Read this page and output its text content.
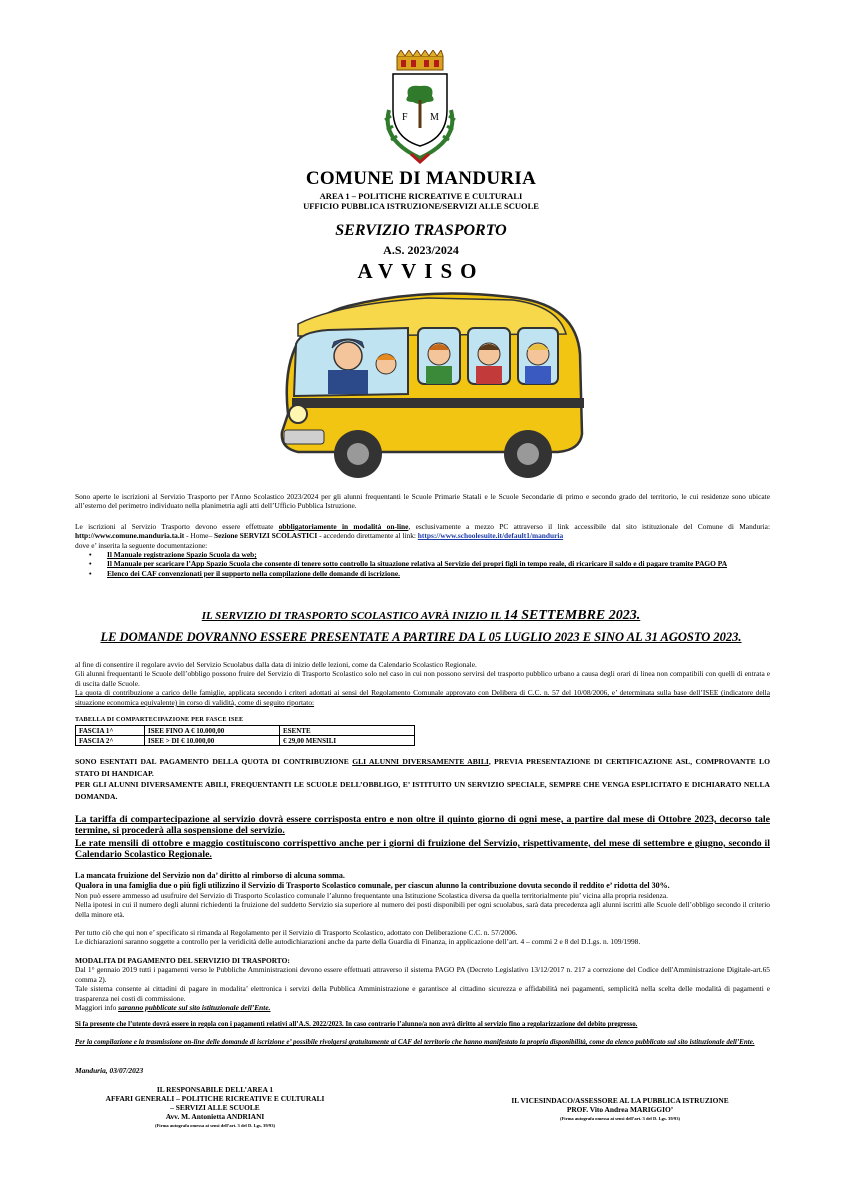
F M
COMUNE DI MANDURIA
AREA 1 – POLITICHE RICREATIVE E CULTURALI
UFFICIO PUBBLICA ISTRUZIONE/SERVIZI ALLE SCUOLE
SERVIZIO TRASPORTO
A.S. 2023/2024
AVVISO
Sono aperte le iscrizioni al Servizio Trasporto per l'Anno Scolastico 2023/2024 per gli alunni frequentanti le Scuole Primarie Statali e le Scuole Secondarie di primo e secondo grado del territorio, le cui residenze sono ubicate all’esterno del perimetro individuato nella planimetria agli atti dell’Ufficio Pubblica Istruzione.
Le iscrizioni al Servizio Trasporto devono essere effettuate obbligatoriamente in modalità on-line, esclusivamente a mezzo PC attraverso il link accessibile dal sito istituzionale del Comune di Manduria: http://www.comune.manduria.ta.it - Home– Sezione SERVIZI SCOLASTICI - accedendo direttamente al link: https://www.schoolesuite.it/default1/manduria
dove e’ inserita la seguente documentazione:
• Il Manuale registrazione Spazio Scuola da web;
• Il Manuale per scaricare l’App Spazio Scuola che consente di tenere sotto controllo la situazione relativa al Servizio dei propri figli in tempo reale, di ricaricare il saldo e di pagare tramite PAGO PA
• Elenco dei CAF convenzionati per il supporto nella compilazione delle domande di iscrizione.
IL SERVIZIO DI TRASPORTO SCOLASTICO AVRÀ INIZIO IL 14 SETTEMBRE 2023.
LE DOMANDE DOVRANNO ESSERE PRESENTATE A PARTIRE DA L 05 LUGLIO 2023 E SINO AL 31 AGOSTO 2023.
al fine di consentire il regolare avvio del Servizio Scuolabus dalla data di inizio delle lezioni, come da Calendario Scolastico Regionale.
Gli alunni frequentanti le Scuole dell’obbligo possono fruire del Servizio di Trasporto Scolastico solo nel caso in cui non possono servirsi del trasporto pubblico urbano a causa degli orari di linea non compatibili con quelli di entrata e di uscita dalle Scuole.
La quota di contribuzione a carico delle famiglie, applicata secondo i criteri adottati ai sensi del Regolamento Comunale approvato con Delibera di C.C. n. 57 del 10/08/2006, e’ determinata sulla base dell’ISEE (indicatore della situazione economica equivalente) in corso di validità, come di seguito riportato:
TABELLA DI COMPARTECIPAZIONE PER FASCE ISEE
FASCIA 1^	ISEE FINO A € 10.000,00	ESENTE
FASCIA 2^	ISEE > DI € 10.000,00	€ 29,00 MENSILI
SONO ESENTATI DAL PAGAMENTO DELLA QUOTA DI CONTRIBUZIONE GLI ALUNNI DIVERSAMENTE ABILI, PREVIA PRESENTAZIONE DI CERTIFICAZIONE ASL, COMPROVANTE LO STATO DI HANDICAP.
PER GLI ALUNNI DIVERSAMENTE ABILI, FREQUENTANTI LE SCUOLE DELL’OBBLIGO, E’ ISTITUITO UN SERVIZIO SPECIALE, SEMPRE CHE VENGA ESPLICITATO E DICHIARATO NELLA DOMANDA.
La tariffa di compartecipazione al servizio dovrà essere corrisposta entro e non oltre il quinto giorno di ogni mese, a partire dal mese di Ottobre 2023, decorso tale termine, si procederà alla sospensione del servizio.
Le rate mensili di ottobre e maggio costituiscono corrispettivo anche per i giorni di fruizione del Servizio, rispettivamente, del mese di settembre e giugno, secondo il Calendario Scolastico Regionale.
La mancata fruizione del Servizio non da’ diritto al rimborso di alcuna somma.
Qualora in una famiglia due o più figli utilizzino il Servizio di Trasporto Scolastico comunale, per ciascun alunno la contribuzione dovuta secondo il reddito e’ ridotta del 30%.
Non può essere ammesso ad usufruire del Servizio di Trasporto Scolastico comunale l’alunno frequentante una Istituzione Scolastica diversa da quella territorialmente piu’ vicina alla propria residenza.
Nella ipotesi in cui il numero degli alunni richiedenti la fruizione del suddetto Servizio sia superiore al numero dei posti disponibili per ogni scuolabus, sarà data precedenza agli alunni iscritti alle Scuole dell’obbligo secondo il criterio della minore età.
Per tutto ciò che qui non e’ specificato si rimanda al Regolamento per il Servizio di Trasporto Scolastico, adottato con Deliberazione C.C. n. 57/2006.
Le dichiarazioni saranno soggette a controllo per la veridicità delle autodichiarazioni anche da parte della Guardia di Finanza, in applicazione dell’art. 4 – commi 2 e 8 del D.Lgs. n. 109/1998.
MODALITA DI PAGAMENTO DEL SERVIZIO DI TRASPORTO:
Dal 1° gennaio 2019 tutti i pagamenti verso le Pubbliche Amministrazioni devono essere effettuati attraverso il sistema PAGO PA (Decreto Legislativo 13/12/2017 n. 217 a correzione del Codice dell'Amministrazione Digitale-art.65 comma 2).
Tale sistema consente ai cittadini di pagare in modalita’ elettronica i servizi della Pubblica Amministrazione e garantisce al cittadino sicurezza e affidabilità nei pagamenti, semplicità nella scelta delle modalità di pagamenti e trasparenza nei costi di commissione.
Maggiori info saranno pubblicate sul sito istituzionale dell’Ente.
Si fa presente che l’utente dovrà essere in regola con i pagamenti relativi all’A.S. 2022/2023. In caso contrario l’alunno/a non avrà diritto al servizio fino a regolarizzazione del debito pregresso.
Per la compilazione e la trasmissione on-line delle domande di iscrizione e’ possibile rivolgersi gratuitamente ai CAF del territorio che hanno manifestato la propria disponibilità, come da elenco pubblicato sul sito istituzionale dell’Ente.
Manduria, 03/07/2023
IL RESPONSABILE DELL’AREA 1
AFFARI GENERALI – POLITICHE RICREATIVE E CULTURALI
– SERVIZI ALLE SCUOLE
Avv. M. Antonietta ANDRIANI
(Firma autografa omessa ai sensi dell’art. 3 del D. Lgs. 39/93)
IL VICESINDACO/ASSESSORE AL LA PUBBLICA ISTRUZIONE
PROF. Vito Andrea MARIGGIO’
(Firma autografa omessa ai sensi dell’art. 3 del D. Lgs. 39/93)
